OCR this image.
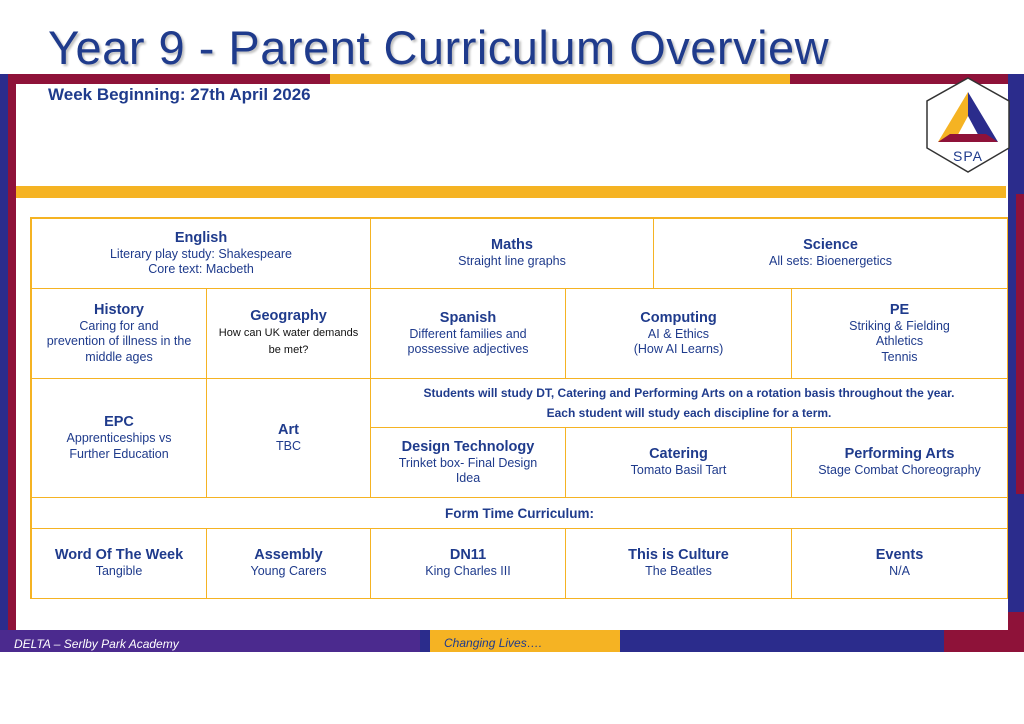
Year 9 - Parent Curriculum Overview
Week Beginning: 27th April 2026
SPA
English
Literary play study: Shakespeare
Core text: Macbeth
Maths
Straight line graphs
Science
All sets: Bioenergetics
History
Caring for and
prevention of illness in the
middle ages
Geography
How can UK water demands
be met?
Spanish
Different families and
possessive adjectives
Computing
AI & Ethics
(How AI Learns)
PE
Striking & Fielding
Athletics
Tennis
EPC
Apprenticeships vs
Further Education
Art
TBC
Students will study DT, Catering and Performing Arts on a rotation basis throughout the year.
Each student will study each discipline for a term.
Design Technology
Trinket box- Final Design
Idea
Catering
Tomato Basil Tart
Performing Arts
Stage Combat Choreography
Form Time Curriculum:
Word Of The Week
Tangible
Assembly
Young Carers
DN11
King Charles III
This is Culture
The Beatles
Events
N/A
DELTA – Serlby Park Academy	Changing Lives….
